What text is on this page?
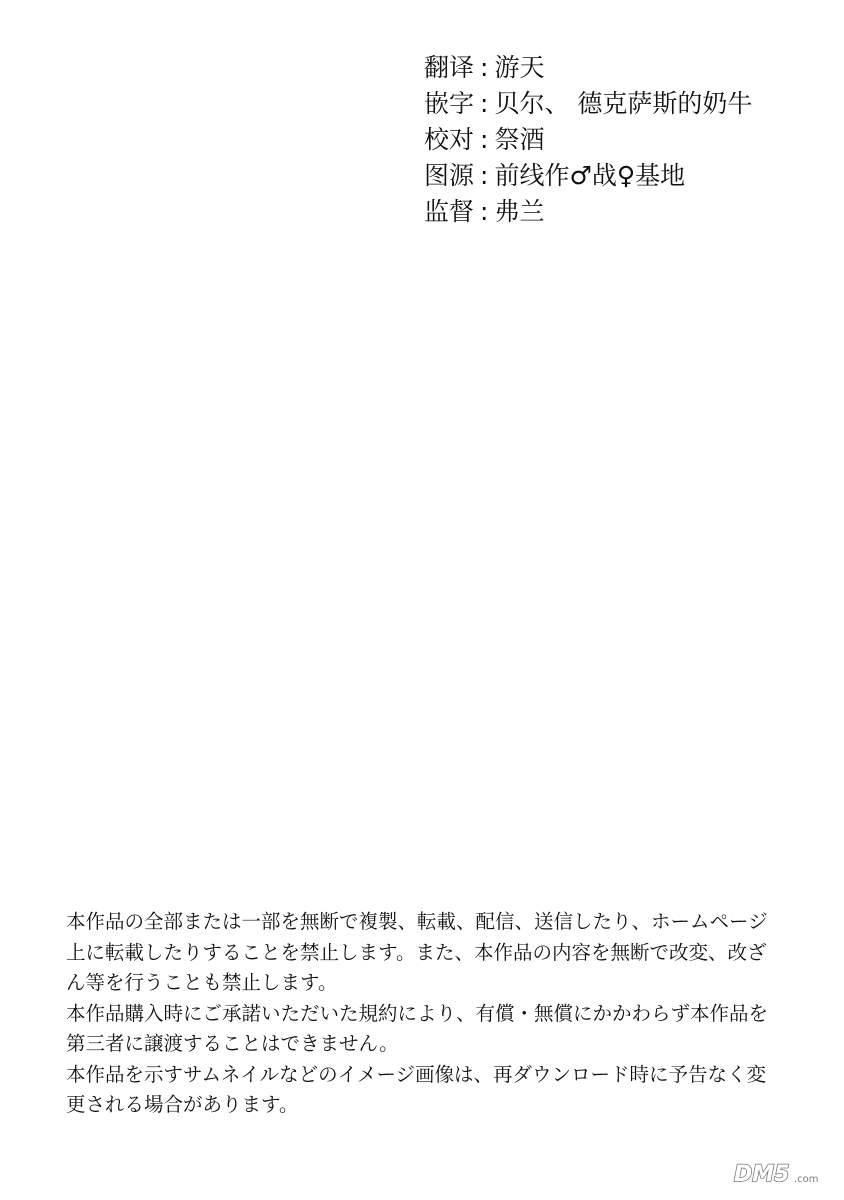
翻译 : 游天
嵌字 : 贝尔、 德克萨斯的奶牛
校对 : 祭酒
图源 : 前线作♂战♀基地
监督 : 弗兰
本作品の全部または一部を無断で複製、転載、配信、送信したり、ホームページ
上に転載したりすることを禁止します。また、本作品の内容を無断で改変、改ざ
ん等を行うことも禁止します。
本作品購入時にご承諾いただいた規約により、有償・無償にかかわらず本作品を
第三者に譲渡することはできません。
本作品を示すサムネイルなどのイメージ画像は、再ダウンロード時に予告なく変
更される場合があります。
DM5 .com
